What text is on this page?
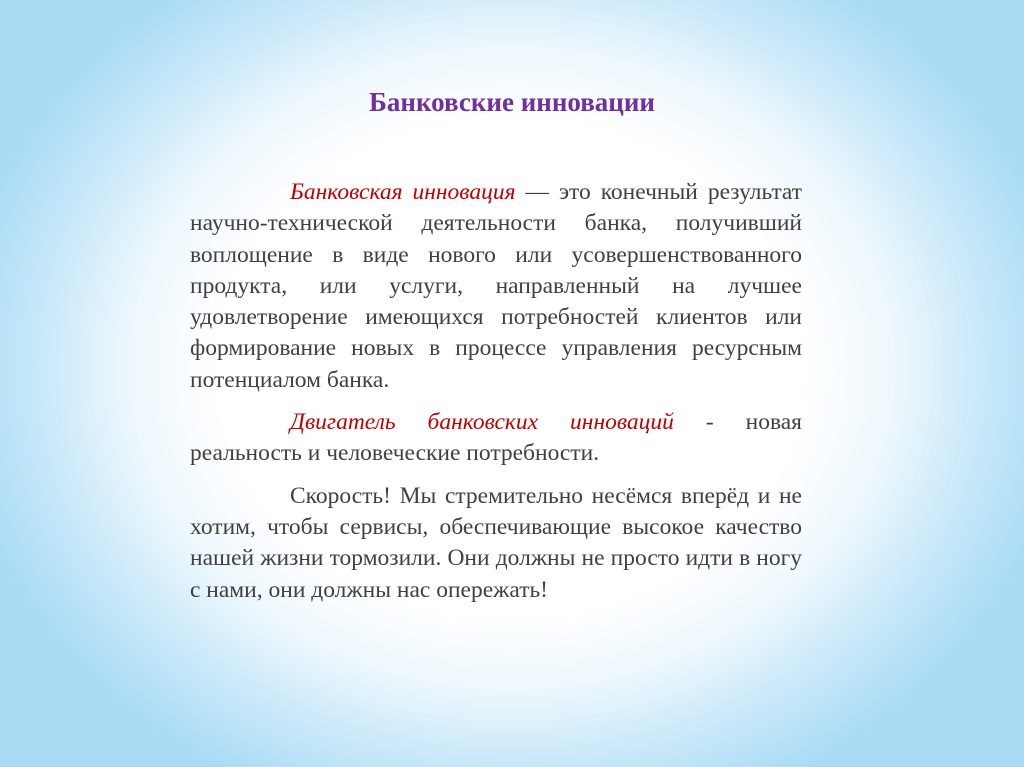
Банковские инновации

Банковская инновация — это конечный результат научно-технической деятельности банка, получивший воплощение в виде нового или усовершенствованного продукта, или услуги, направленный на лучшее удовлетворение имеющихся потребностей клиентов или формирование новых в процессе управления ресурсным потенциалом банка.

Двигатель банковских инноваций - новая реальность и человеческие потребности.

Скорость! Мы стремительно несёмся вперёд и не хотим, чтобы сервисы, обеспечивающие высокое качество нашей жизни тормозили. Они должны не просто идти в ногу с нами, они должны нас опережать!
